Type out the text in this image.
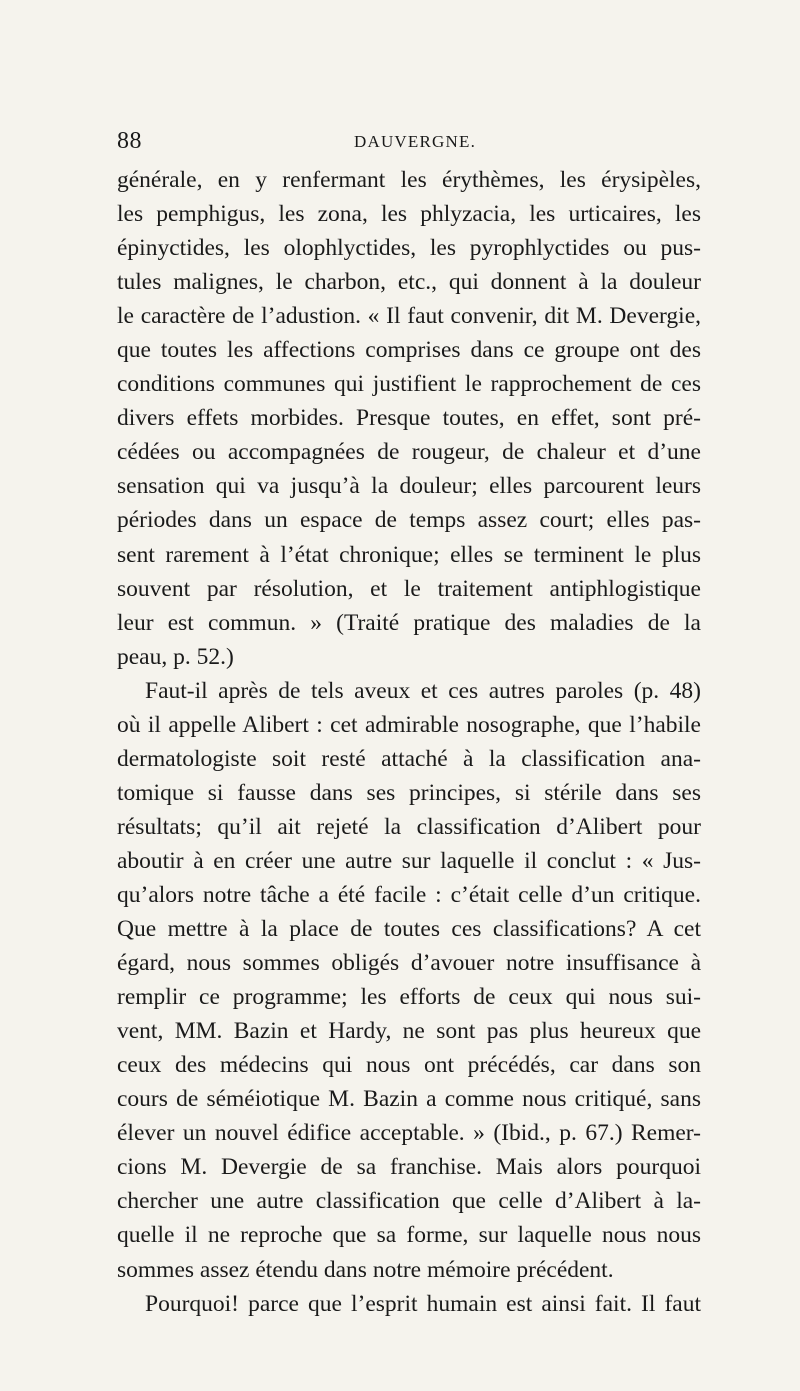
88	DAUVERGNE.
générale, en y renfermant les érythèmes, les érysipèles,
les pemphigus, les zona, les phlyzacia, les urticaires, les
épinyctides, les olophlyctides, les pyrophlyctides ou pus-
tules malignes, le charbon, etc., qui donnent à la douleur
le caractère de l’adustion. « Il faut convenir, dit M. Devergie,
que toutes les affections comprises dans ce groupe ont des
conditions communes qui justifient le rapprochement de ces
divers effets morbides. Presque toutes, en effet, sont pré-
cédées ou accompagnées de rougeur, de chaleur et d’une
sensation qui va jusqu’à la douleur; elles parcourent leurs
périodes dans un espace de temps assez court; elles pas-
sent rarement à l’état chronique; elles se terminent le plus
souvent par résolution, et le traitement antiphlogistique
leur est commun. » (Traité pratique des maladies de la
peau, p. 52.)
Faut-il après de tels aveux et ces autres paroles (p. 48)
où il appelle Alibert : cet admirable nosographe, que l’habile
dermatologiste soit resté attaché à la classification ana-
tomique si fausse dans ses principes, si stérile dans ses
résultats; qu’il ait rejeté la classification d’Alibert pour
aboutir à en créer une autre sur laquelle il conclut : « Jus-
qu’alors notre tâche a été facile : c’était celle d’un critique.
Que mettre à la place de toutes ces classifications? A cet
égard, nous sommes obligés d’avouer notre insuffisance à
remplir ce programme; les efforts de ceux qui nous sui-
vent, MM. Bazin et Hardy, ne sont pas plus heureux que
ceux des médecins qui nous ont précédés, car dans son
cours de séméiotique M. Bazin a comme nous critiqué, sans
élever un nouvel édifice acceptable. » (Ibid., p. 67.) Remer-
cions M. Devergie de sa franchise. Mais alors pourquoi
chercher une autre classification que celle d’Alibert à la-
quelle il ne reproche que sa forme, sur laquelle nous nous
sommes assez étendu dans notre mémoire précédent.
Pourquoi! parce que l’esprit humain est ainsi fait. Il faut
